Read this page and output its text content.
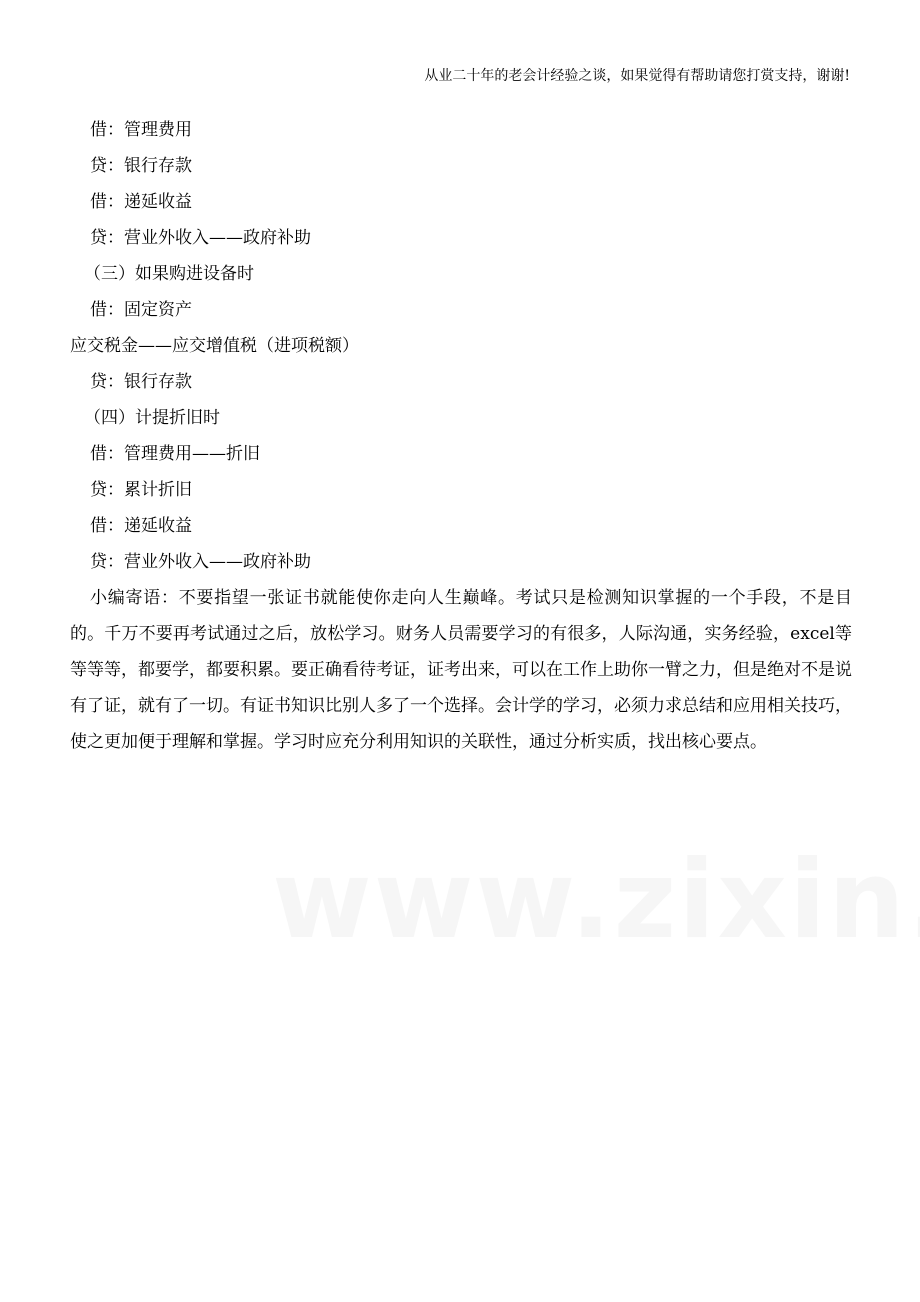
从业二十年的老会计经验之谈，如果觉得有帮助请您打赏支持，谢谢!
借：管理费用
贷：银行存款
借：递延收益
贷：营业外收入——政府补助
（三）如果购进设备时
借：固定资产
应交税金——应交增值税（进项税额）
贷：银行存款
（四）计提折旧时
借：管理费用——折旧
贷：累计折旧
借：递延收益
贷：营业外收入——政府补助

小编寄语：不要指望一张证书就能使你走向人生巅峰。考试只是检测知识掌握的一个手段，不是目的。千万不要再考试通过之后，放松学习。财务人员需要学习的有很多，人际沟通，实务经验，excel等等等等，都要学，都要积累。要正确看待考证，证考出来，可以在工作上助你一臂之力，但是绝对不是说有了证，就有了一切。有证书知识比别人多了一个选择。会计学的学习，必须力求总结和应用相关技巧，使之更加便于理解和掌握。学习时应充分利用知识的关联性，通过分析实质，找出核心要点。
